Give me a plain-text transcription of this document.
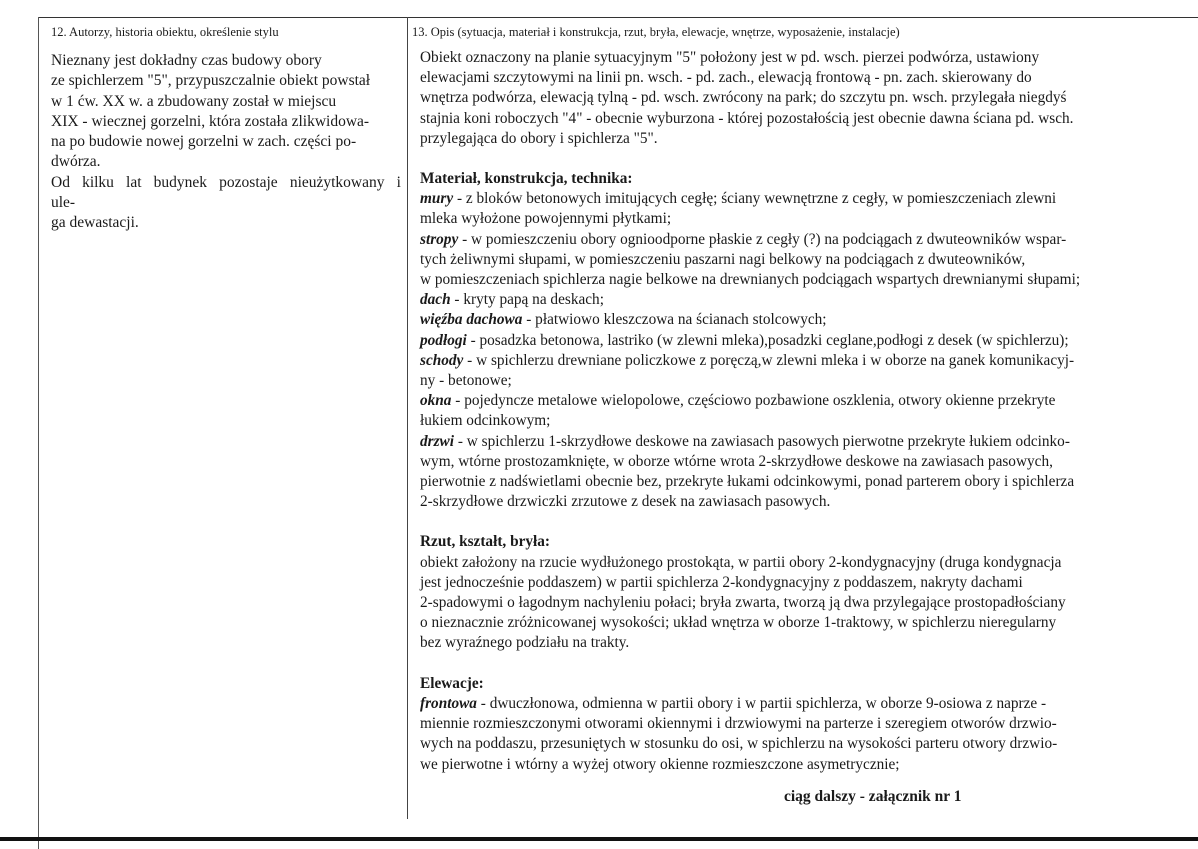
12. Autorzy, historia obiektu, określenie stylu
Nieznany jest dokładny czas budowy obory
ze spichlerzem "5", przypuszczalnie obiekt powstał
w 1 ćw. XX w. a zbudowany został w miejscu
XIX - wiecznej gorzelni, która została zlikwidowa-
na po budowie nowej gorzelni w zach. części po-
dwórza.
Od kilku lat budynek pozostaje nieużytkowany i
ule-
ga dewastacji.
13. Opis (sytuacja, materiał i konstrukcja, rzut, bryła, elewacje, wnętrze, wyposażenie, instalacje)
Obiekt oznaczony na planie sytuacyjnym "5" położony jest w pd. wsch. pierzei podwórza, ustawiony
elewacjami szczytowymi na linii pn. wsch. - pd. zach., elewacją frontową - pn. zach. skierowany do
wnętrza podwórza, elewacją tylną - pd. wsch. zwrócony na park; do szczytu pn. wsch. przylegała niegdyś
stajnia koni roboczych "4" - obecnie wyburzona - której pozostałością jest obecnie dawna ściana pd. wsch.
przylegająca do obory i spichlerza "5".
Materiał, konstrukcja, technika:
mury - z bloków betonowych imitujących cegłę; ściany wewnętrzne z cegły, w pomieszczeniach zlewni
mleka wyłożone powojennymi płytkami;
stropy - w pomieszczeniu obory ognioodporne płaskie z cegły (?) na podciągach z dwuteowników wspar-
tych żeliwnymi słupami, w pomieszczeniu paszarni nagi belkowy na podciągach z dwuteowników,
w pomieszczeniach spichlerza nagie belkowe na drewnianych podciągach wspartych drewnianymi słupami;
dach - kryty papą na deskach;
więźba dachowa - płatwiowo kleszczowa na ścianach stolcowych;
podłogi - posadzka betonowa, lastriko (w zlewni mleka),posadzki ceglane,podłogi z desek (w spichlerzu);
schody - w spichlerzu drewniane policzkowe z poręczą,w zlewni mleka i w oborze na ganek komunikacyj-
ny - betonowe;
okna - pojedyncze metalowe wielopolowe, częściowo pozbawione oszklenia, otwory okienne przekryte
łukiem odcinkowym;
drzwi - w spichlerzu 1-skrzydłowe deskowe na zawiasach pasowych pierwotne przekryte łukiem odcinko-
wym, wtórne prostozamknięte, w oborze wtórne wrota 2-skrzydłowe deskowe na zawiasach pasowych,
pierwotnie z nadświetlami obecnie bez, przekryte łukami odcinkowymi, ponad parterem obory i spichlerza
2-skrzydłowe drzwiczki zrzutowe z desek na zawiasach pasowych.
Rzut, kształt, bryła:
obiekt założony na rzucie wydłużonego prostokąta, w partii obory 2-kondygnacyjny (druga kondygnacja
jest jednocześnie poddaszem) w partii spichlerza 2-kondygnacyjny z poddaszem, nakryty dachami
2-spadowymi o łagodnym nachyleniu połaci; bryła zwarta, tworzą ją dwa przylegające prostopadłościany
o nieznacznie zróżnicowanej wysokości; układ wnętrza w oborze 1-traktowy, w spichlerzu nieregularny
bez wyraźnego podziału na trakty.
Elewacje:
frontowa - dwuczłonowa, odmienna w partii obory i w partii spichlerza, w oborze 9-osiowa z naprze -
miennie rozmieszczonymi otworami okiennymi i drzwiowymi na parterze i szeregiem otworów drzwio-
wych na poddaszu, przesuniętych w stosunku do osi, w spichlerzu na wysokości parteru otwory drzwio-
we pierwotne i wtórny a wyżej otwory okienne rozmieszczone asymetrycznie;
ciąg dalszy - załącznik nr 1
